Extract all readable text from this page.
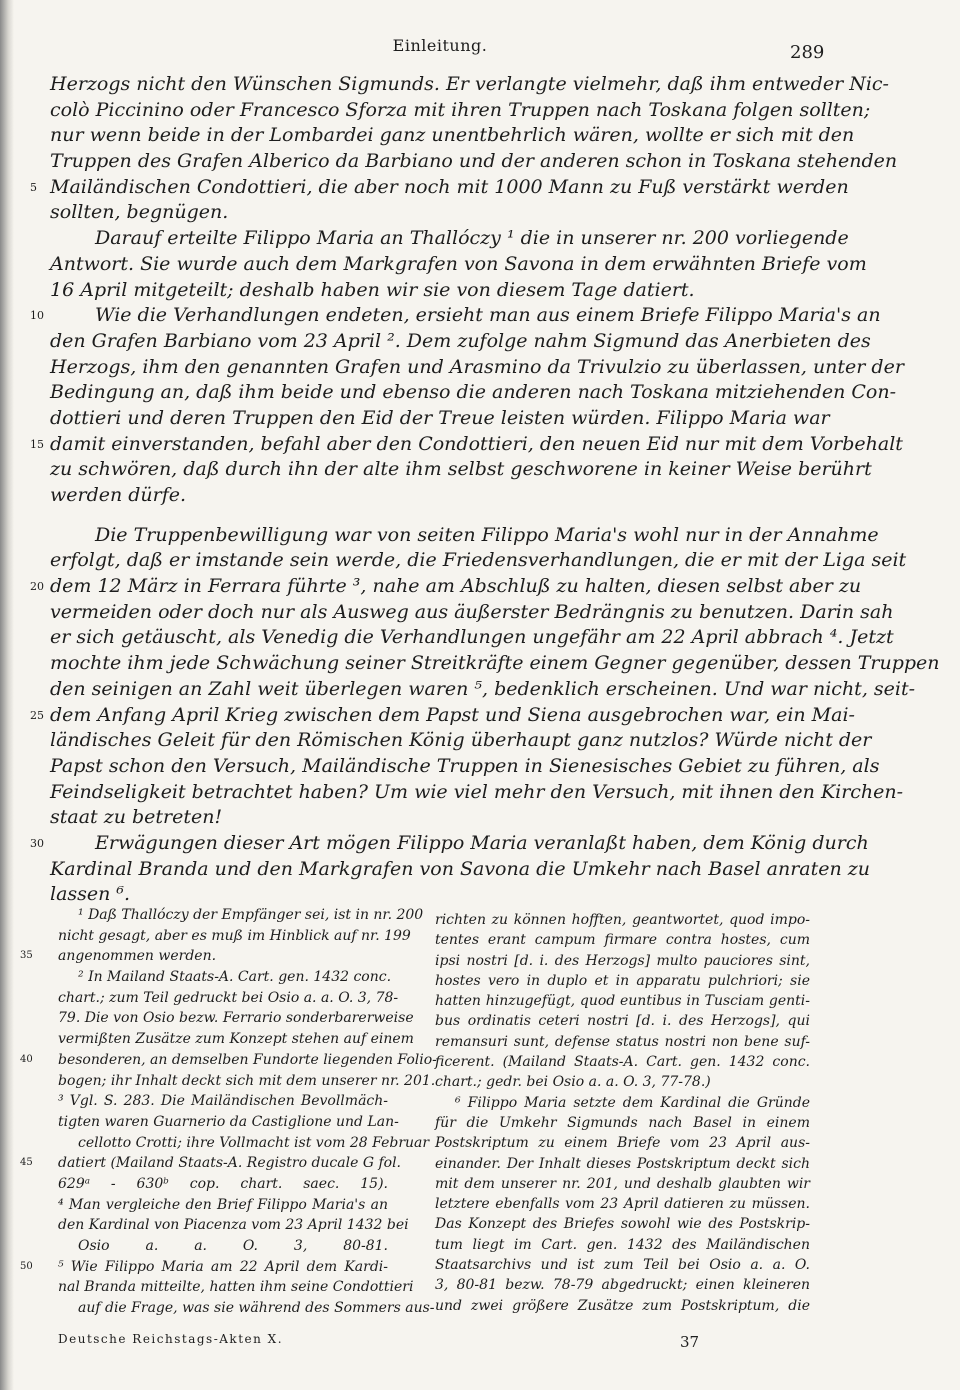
Einleitung.	289
Herzogs nicht den Wünschen Sigmunds. Er verlangte vielmehr, daß ihm entweder Nic-
colò Piccinino oder Francesco Sforza mit ihren Truppen nach Toskana folgen sollten;
nur wenn beide in der Lombardei ganz unentbehrlich wären, wollte er sich mit den
Truppen des Grafen Alberico da Barbiano und der anderen schon in Toskana stehenden
Mailändischen Condottieri, die aber noch mit 1000 Mann zu Fuß verstärkt werden
5
sollten, begnügen.
Darauf erteilte Filippo Maria an Thallóczy ¹ die in unserer nr. 200 vorliegende
Antwort. Sie wurde auch dem Markgrafen von Savona in dem erwähnten Briefe vom
16 April mitgeteilt; deshalb haben wir sie von diesem Tage datiert.
Wie die Verhandlungen endeten, ersieht man aus einem Briefe Filippo Maria's an
10
den Grafen Barbiano vom 23 April ². Dem zufolge nahm Sigmund das Anerbieten des
Herzogs, ihm den genannten Grafen und Arasmino da Trivulzio zu überlassen, unter der
Bedingung an, daß ihm beide und ebenso die anderen nach Toskana mitziehenden Con-
dottieri und deren Truppen den Eid der Treue leisten würden. Filippo Maria war
damit einverstanden, befahl aber den Condottieri, den neuen Eid nur mit dem Vorbehalt
15
zu schwören, daß durch ihn der alte ihm selbst geschworene in keiner Weise berührt
werden dürfe.
Die Truppenbewilligung war von seiten Filippo Maria's wohl nur in der Annahme
erfolgt, daß er imstande sein werde, die Friedensverhandlungen, die er mit der Liga seit
dem 12 März in Ferrara führte ³, nahe am Abschluß zu halten, diesen selbst aber zu
20
vermeiden oder doch nur als Ausweg aus äußerster Bedrängnis zu benutzen. Darin sah
er sich getäuscht, als Venedig die Verhandlungen ungefähr am 22 April abbrach ⁴. Jetzt
mochte ihm jede Schwächung seiner Streitkräfte einem Gegner gegenüber, dessen Truppen
den seinigen an Zahl weit überlegen waren ⁵, bedenklich erscheinen. Und war nicht, seit-
dem Anfang April Krieg zwischen dem Papst und Siena ausgebrochen war, ein Mai-
25
ländisches Geleit für den Römischen König überhaupt ganz nutzlos? Würde nicht der
Papst schon den Versuch, Mailändische Truppen in Sienesisches Gebiet zu führen, als
Feindseligkeit betrachtet haben? Um wie viel mehr den Versuch, mit ihnen den Kirchen-
staat zu betreten!
Erwägungen dieser Art mögen Filippo Maria veranlaßt haben, dem König durch
30
Kardinal Branda und den Markgrafen von Savona die Umkehr nach Basel anraten zu
lassen ⁶.
¹ Daß Thallóczy der Empfänger sei, ist in nr. 200
nicht gesagt, aber es muß im Hinblick auf nr. 199
angenommen werden.
35
² In Mailand Staats-A. Cart. gen. 1432 conc.
chart.; zum Teil gedruckt bei Osio a. a. O. 3, 78-
79. Die von Osio bezw. Ferrario sonderbarerweise
vermißten Zusätze zum Konzept stehen auf einem
besonderen, an demselben Fundorte liegenden Folio-
40
bogen; ihr Inhalt deckt sich mit dem unserer nr. 201.
³ Vgl. S. 283. Die Mailändischen Bevollmäch-
tigten waren Guarnerio da Castiglione und Lan-
cellotto Crotti; ihre Vollmacht ist vom 28 Februar
datiert (Mailand Staats-A. Registro ducale G fol.
45
629ᵃ - 630ᵇ cop. chart. saec. 15).
⁴ Man vergleiche den Brief Filippo Maria's an
den Kardinal von Piacenza vom 23 April 1432 bei
Osio a. a. O. 3, 80-81.
⁵ Wie Filippo Maria am 22 April dem Kardi-
50
nal Branda mitteilte, hatten ihm seine Condottieri
auf die Frage, was sie während des Sommers aus-
richten zu können hofften, geantwortet, quod impo-
tentes erant campum firmare contra hostes, cum
ipsi nostri [d. i. des Herzogs] multo pauciores sint,
hostes vero in duplo et in apparatu pulchriori; sie
hatten hinzugefügt, quod euntibus in Tusciam genti-
bus ordinatis ceteri nostri [d. i. des Herzogs], qui
remansuri sunt, defense status nostri non bene suf-
ficerent. (Mailand Staats-A. Cart. gen. 1432 conc.
chart.; gedr. bei Osio a. a. O. 3, 77-78.)
⁶ Filippo Maria setzte dem Kardinal die Gründe
für die Umkehr Sigmunds nach Basel in einem
Postskriptum zu einem Briefe vom 23 April aus-
einander. Der Inhalt dieses Postskriptum deckt sich
mit dem unserer nr. 201, und deshalb glaubten wir
letztere ebenfalls vom 23 April datieren zu müssen.
Das Konzept des Briefes sowohl wie des Postskrip-
tum liegt im Cart. gen. 1432 des Mailändischen
Staatsarchivs und ist zum Teil bei Osio a. a. O.
3, 80-81 bezw. 78-79 abgedruckt; einen kleineren
und zwei größere Zusätze zum Postskriptum, die
Deutsche Reichstags-Akten X.	37
